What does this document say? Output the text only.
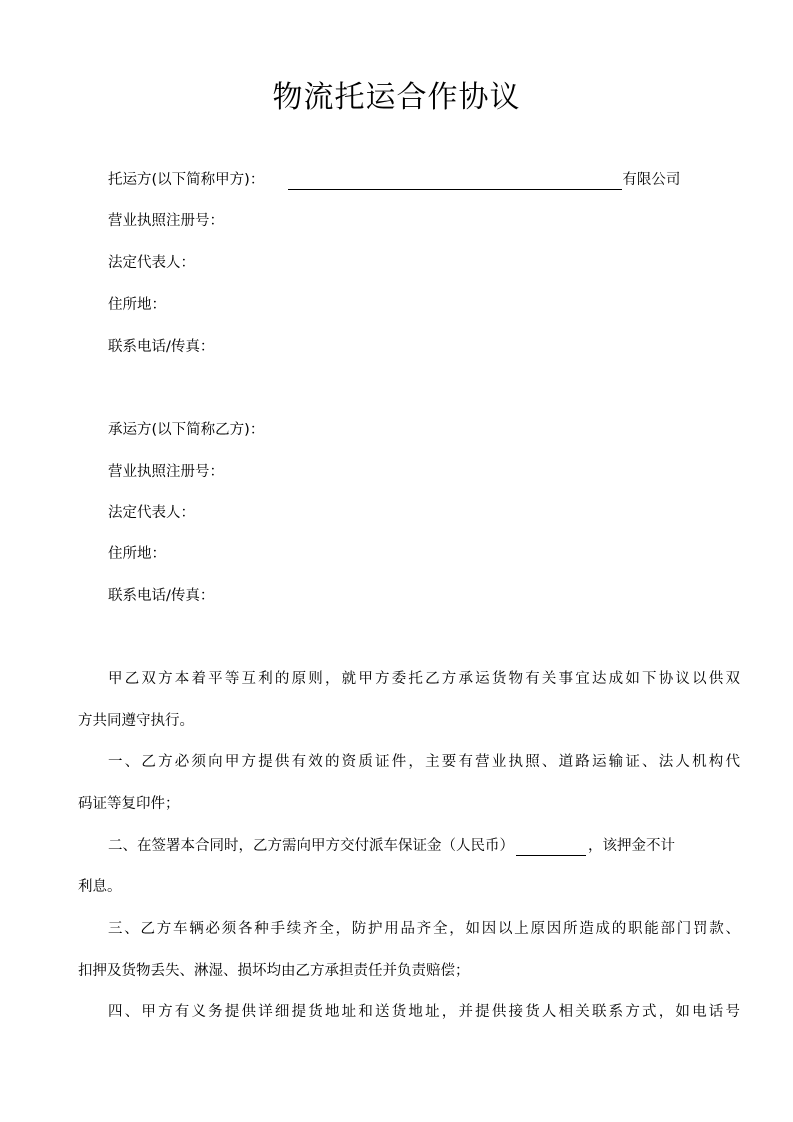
物流托运合作协议
托运方(以下简称甲方)：	有限公司
营业执照注册号：
法定代表人：
住所地：
联系电话/传真：
承运方(以下简称乙方)：
营业执照注册号：
法定代表人：
住所地：
联系电话/传真：
甲乙双方本着平等互利的原则，就甲方委托乙方承运货物有关事宜达成如下协议以供双
方共同遵守执行。
一、乙方必须向甲方提供有效的资质证件，主要有营业执照、道路运输证、法人机构代
码证等复印件；
二、在签署本合同时，乙方需向甲方交付派车保证金（人民币）	，该押金不计
利息。
三、乙方车辆必须各种手续齐全，防护用品齐全，如因以上原因所造成的职能部门罚款、
扣押及货物丢失、淋湿、损坏均由乙方承担责任并负责赔偿；
四、甲方有义务提供详细提货地址和送货地址，并提供接货人相关联系方式，如电话号
